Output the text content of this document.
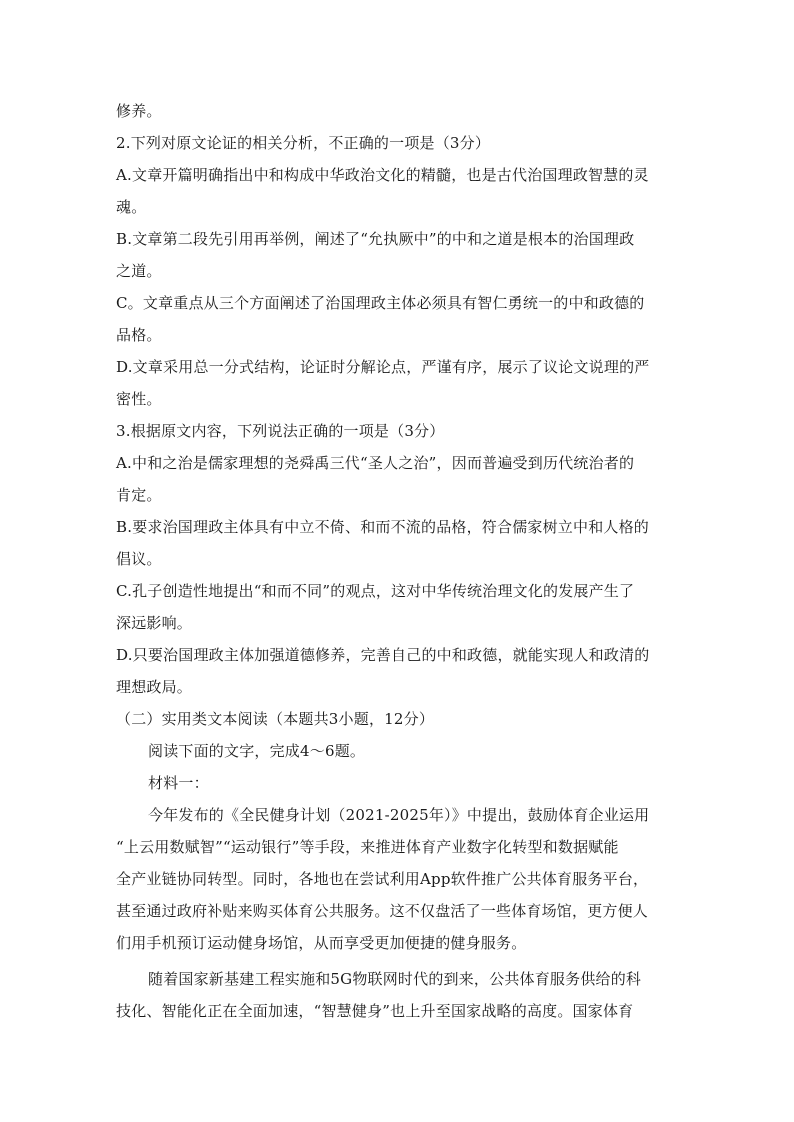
修养。
2.下列对原文论证的相关分析，不正确的一项是（3分）
A.文章开篇明确指出中和构成中华政治文化的精髓，也是古代治国理政智慧的灵
魂。
B.文章第二段先引用再举例，阐述了“允执厥中”的中和之道是根本的治国理政
之道。
C。文章重点从三个方面阐述了治国理政主体必须具有智仁勇统一的中和政德的
品格。
D.文章采用总一分式结构，论证时分解论点，严谨有序，展示了议论文说理的严
密性。
3.根据原文内容，下列说法正确的一项是（3分）
A.中和之治是儒家理想的尧舜禹三代“圣人之治”，因而普遍受到历代统治者的
肯定。
B.要求治国理政主体具有中立不倚、和而不流的品格，符合儒家树立中和人格的
倡议。
C.孔子创造性地提出“和而不同”的观点，这对中华传统治理文化的发展产生了
深远影响。
D.只要治国理政主体加强道德修养，完善自己的中和政德，就能实现人和政清的
理想政局。
（二）实用类文本阅读（本题共3小题，12分）
阅读下面的文字，完成4～6题。
材料一：
今年发布的《全民健身计划（2021-2025年）》中提出，鼓励体育企业运用
“上云用数赋智”“运动银行”等手段，来推进体育产业数字化转型和数据赋能
全产业链协同转型。同时，各地也在尝试利用App软件推广公共体育服务平台，
甚至通过政府补贴来购买体育公共服务。这不仅盘活了一些体育场馆，更方便人
们用手机预订运动健身场馆，从而享受更加便捷的健身服务。
随着国家新基建工程实施和5G物联网时代的到来，公共体育服务供给的科
技化、智能化正在全面加速，“智慧健身”也上升至国家战略的高度。国家体育
